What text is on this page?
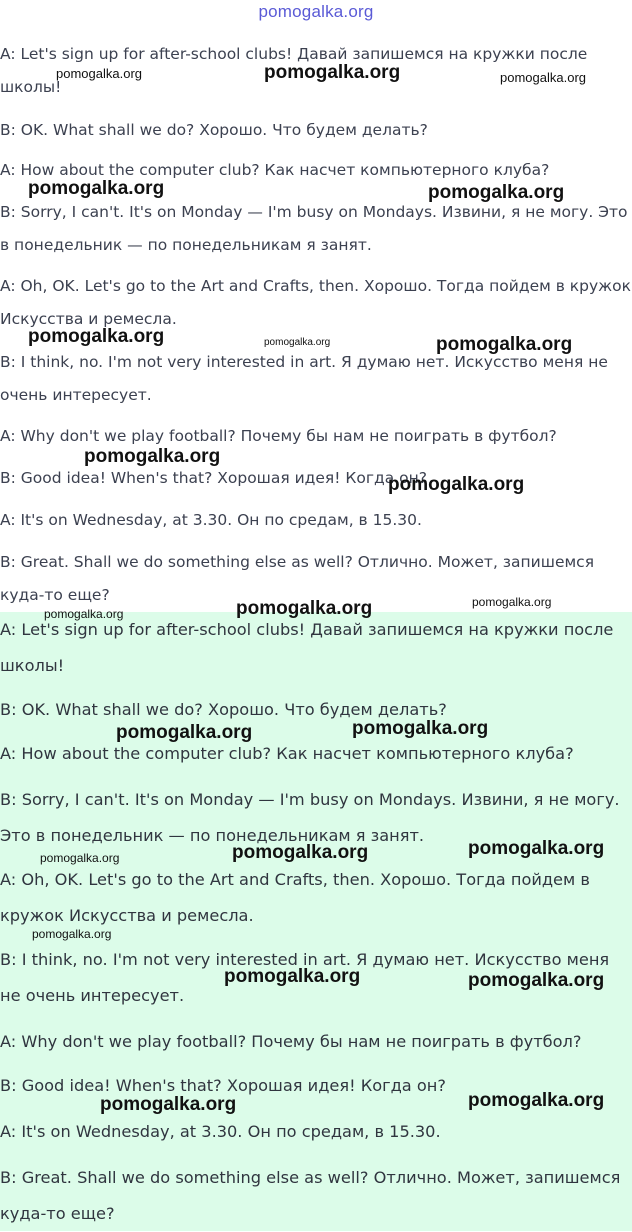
pomogalka.org
A: Let's sign up for after-school clubs! Давай запишемся на кружки после школы!
B: OK. What shall we do? Хорошо. Что будем делать?
A: How about the computer club? Как насчет компьютерного клуба?
B: Sorry, I can't. It's on Monday — I'm busy on Mondays. Извини, я не могу. Это в понедельник — по понедельникам я занят.
A: Oh, OK. Let's go to the Art and Crafts, then. Хорошо. Тогда пойдем в кружок Искусства и ремесла.
B: I think, no. I'm not very interested in art. Я думаю нет. Искусство меня не очень интересует.
A: Why don't we play football? Почему бы нам не поиграть в футбол?
B: Good idea! When's that? Хорошая идея! Когда он?
A: It's on Wednesday, at 3.30. Он по средам, в 15.30.
B: Great. Shall we do something else as well? Отлично. Может, запишемся куда-то еще?
A: Let's sign up for after-school clubs! Давай запишемся на кружки после школы!
B: OK. What shall we do? Хорошо. Что будем делать?
A: How about the computer club? Как насчет компьютерного клуба?
B: Sorry, I can't. It's on Monday — I'm busy on Mondays. Извини, я не могу. Это в понедельник — по понедельникам я занят.
A: Oh, OK. Let's go to the Art and Crafts, then. Хорошо. Тогда пойдем в кружок Искусства и ремесла.
B: I think, no. I'm not very interested in art. Я думаю нет. Искусство меня не очень интересует.
A: Why don't we play football? Почему бы нам не поиграть в футбол?
B: Good idea! When's that? Хорошая идея! Когда он?
A: It's on Wednesday, at 3.30. Он по средам, в 15.30.
B: Great. Shall we do something else as well? Отлично. Может, запишемся куда-то еще?
pomogalka.org	pomogalka.org	pomogalka.org
pomogalka.org	pomogalka.org
pomogalka.org	pomogalka.org	pomogalka.org
pomogalka.org
pomogalka.org
pomogalka.org	pomogalka.org	pomogalka.org
pomogalka.org	pomogalka.org
pomogalka.org	pomogalka.org	pomogalka.org
pomogalka.org
pomogalka.org	pomogalka.org
pomogalka.org	pomogalka.org
